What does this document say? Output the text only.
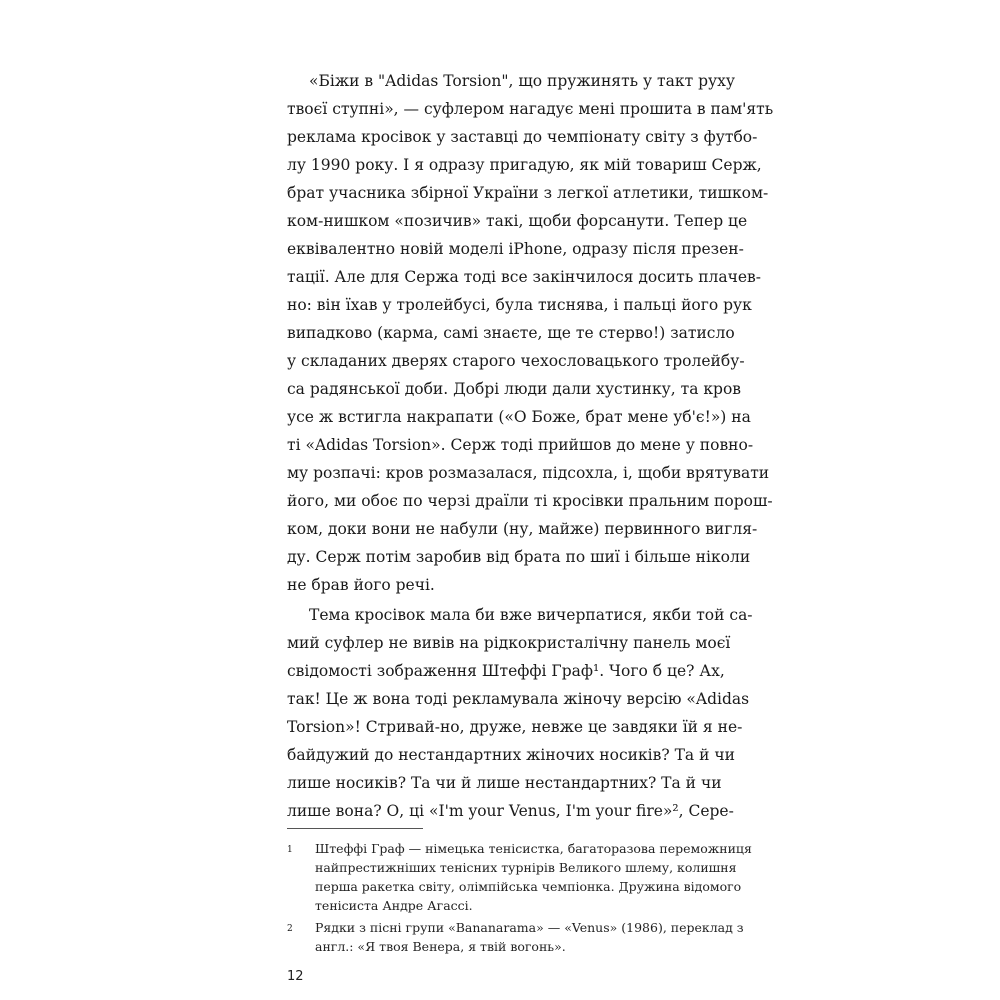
«Біжи в "Adidas Torsion", що пружинять у такт руху
твоєї ступні», — суфлером нагадує мені прошита в пам'ять
реклама кросівок у заставці до чемпіонату світу з футбо-
лу 1990 року. І я одразу пригадую, як мій товариш Серж,
брат учасника збірної України з легкої атлетики, тишком-
ком-нишком «позичив» такі, щоби форсанути. Тепер це
еквівалентно новій моделі iPhone, одразу після презен-
тації. Але для Сержа тоді все закінчилося досить плачев-
но: він їхав у тролейбусі, була тиснява, і пальці його рук
випадково (карма, самі знаєте, ще те стерво!) затисло
у складаних дверях старого чехословацького тролейбу-
са радянської доби. Добрі люди дали хустинку, та кров
усе ж встигла накрапати («О Боже, брат мене уб'є!») на
ті «Adidas Torsion». Серж тоді прийшов до мене у повно-
му розпачі: кров розмазалася, підсохла, і, щоби врятувати
його, ми обоє по черзі драїли ті кросівки пральним порош-
ком, доки вони не набули (ну, майже) первинного вигля-
ду. Серж потім заробив від брата по шиї і більше ніколи
не брав його речі.
Тема кросівок мала би вже вичерпатися, якби той са-
мий суфлер не вивів на рідкокристалічну панель моєї
свідомості зображення Штеффі Граф¹. Чого б це? Ах,
так! Це ж вона тоді рекламувала жіночу версію «Adidas
Torsion»! Стривай-но, друже, невже це завдяки їй я не-
байдужий до нестандартних жіночих носиків? Та й чи
лише носиків? Та чи й лише нестандартних? Та й чи
лише вона? О, ці «I'm your Venus, I'm your fire»², Сере-
1 Штеффі Граф — німецька тенісистка, багаторазова переможниця
найпрестижніших тенісних турнірів Великого шлему, колишня
перша ракетка світу, олімпійська чемпіонка. Дружина відомого
тенісиста Андре Агассі.
2 Рядки з пісні групи «Bananarama» — «Venus» (1986), переклад з
англ.: «Я твоя Венера, я твій вогонь».
12
